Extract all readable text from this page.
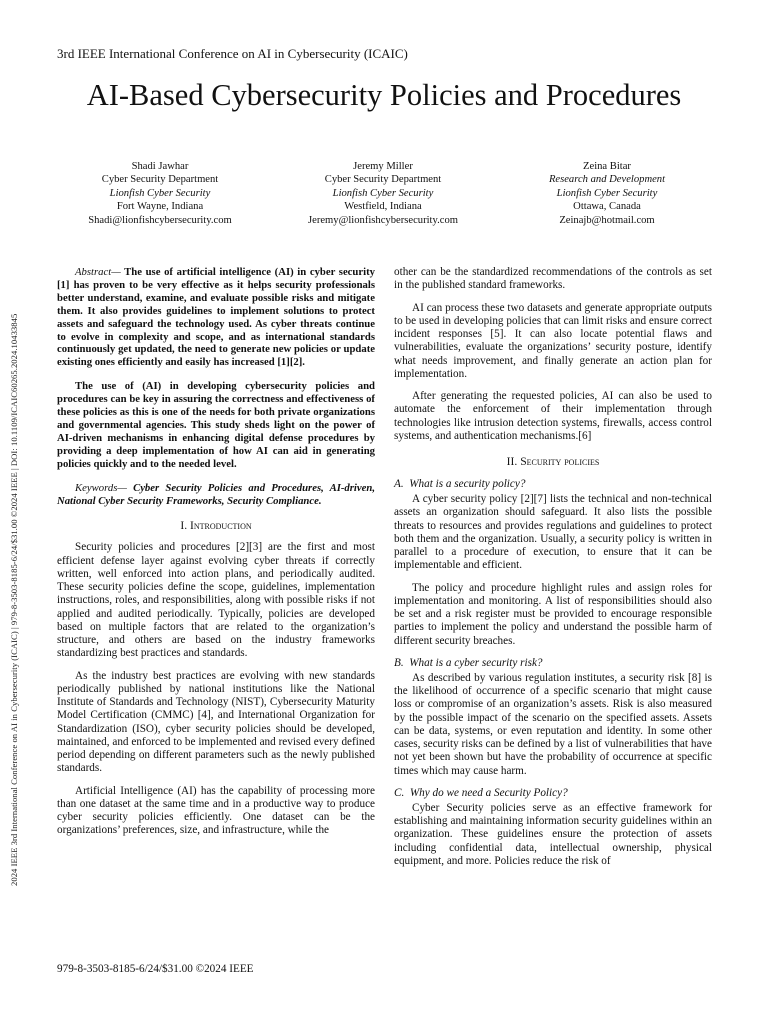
2024 IEEE 3rd International Conference on AI in Cybersecurity (ICAIC) | 979-8-3503-8185-6/24/$31.00 ©2024 IEEE | DOI: 10.1109/ICAIC60265.2024.10433845
3rd IEEE International Conference on AI in Cybersecurity (ICAIC)
AI-Based Cybersecurity Policies and Procedures
Shadi Jawhar
Cyber Security Department
Lionfish Cyber Security
Fort Wayne, Indiana
Shadi@lionfishcybersecurity.com
Jeremy Miller
Cyber Security Department
Lionfish Cyber Security
Westfield, Indiana
Jeremy@lionfishcybersecurity.com
Zeina Bitar
Research and Development
Lionfish Cyber Security
Ottawa, Canada
Zeinajb@hotmail.com

Abstract— The use of artificial intelligence (AI) in cyber security [1] has proven to be very effective as it helps security professionals better understand, examine, and evaluate possible risks and mitigate them. It also provides guidelines to implement solutions to protect assets and safeguard the technology used. As cyber threats continue to evolve in complexity and scope, and as international standards continuously get updated, the need to generate new policies or update existing ones efficiently and easily has increased [1][2].

The use of (AI) in developing cybersecurity policies and procedures can be key in assuring the correctness and effectiveness of these policies as this is one of the needs for both private organizations and governmental agencies. This study sheds light on the power of AI-driven mechanisms in enhancing digital defense procedures by providing a deep implementation of how AI can aid in generating policies quickly and to the needed level.

Keywords— Cyber Security Policies and Procedures, AI-driven, National Cyber Security Frameworks, Security Compliance.

I. Introduction

Security policies and procedures [2][3] are the first and most efficient defense layer against evolving cyber threats if correctly written, well enforced into action plans, and periodically audited. These security policies define the scope, guidelines, implementation instructions, roles, and responsibilities, along with possible risks if not applied and audited periodically. Typically, policies are developed based on multiple factors that are related to the organization’s structure, and others are based on the industry frameworks standardizing best practices and standards.

As the industry best practices are evolving with new standards periodically published by national institutions like the National Institute of Standards and Technology (NIST), Cybersecurity Maturity Model Certification (CMMC) [4], and International Organization for Standardization (ISO), cyber security policies should be developed, maintained, and enforced to be implemented and revised every defined period depending on different parameters such as the newly published standards.

Artificial Intelligence (AI) has the capability of processing more than one dataset at the same time and in a productive way to produce cyber security policies efficiently. One dataset can be the organizations’ preferences, size, and infrastructure, while the

other can be the standardized recommendations of the controls as set in the published standard frameworks.

AI can process these two datasets and generate appropriate outputs to be used in developing policies that can limit risks and ensure correct incident responses [5]. It can also locate potential flaws and vulnerabilities, evaluate the organizations’ security posture, identify what needs improvement, and finally generate an action plan for implementation.

After generating the requested policies, AI can also be used to automate the enforcement of their implementation through technologies like intrusion detection systems, firewalls, access control systems, and authentication mechanisms.[6]

II. Security policies
A. What is a security policy?

A cyber security policy [2][7] lists the technical and non-technical assets an organization should safeguard. It also lists the possible threats to resources and provides regulations and guidelines to protect both them and the organization. Usually, a security policy is written in parallel to a procedure of execution, to ensure that it can be implementable and efficient.

The policy and procedure highlight rules and assign roles for implementation and monitoring. A list of responsibilities should also be set and a risk register must be provided to encourage responsible parties to implement the policy and understand the possible harm of different security breaches.

B. What is a cyber security risk?

As described by various regulation institutes, a security risk [8] is the likelihood of occurrence of a specific scenario that might cause loss or compromise of an organization’s assets. Risk is also measured by the possible impact of the scenario on the specified assets. Assets can be data, systems, or even reputation and identity. In some other cases, security risks can be defined by a list of vulnerabilities that have not yet been shown but have the probability of occurrence at specific times which may cause harm.

C. Why do we need a Security Policy?

Cyber Security policies serve as an effective framework for establishing and maintaining information security guidelines within an organization. These guidelines ensure the protection of assets including confidential data, intellectual ownership, physical equipment, and more. Policies reduce the risk of

979-8-3503-8185-6/24/$31.00 ©2024 IEEE
